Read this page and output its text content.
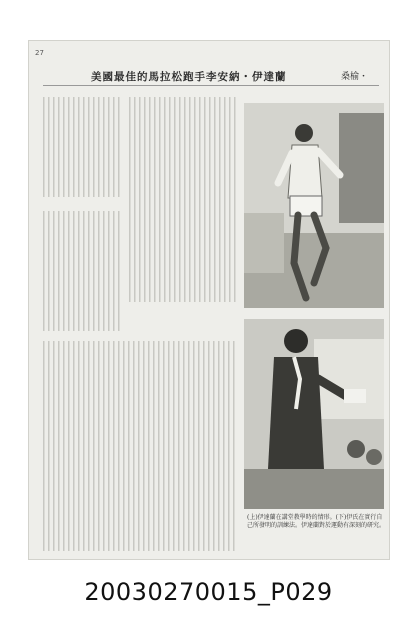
27
美國最佳的馬拉松跑手李安納・伊達蘭	桑榆・
(上)伊達蘭在講堂教學時的情形。(下)伊氏在實行自己所發明的訓練法。伊達蘭對於運動有深刻的研究。
20030270015_P029
